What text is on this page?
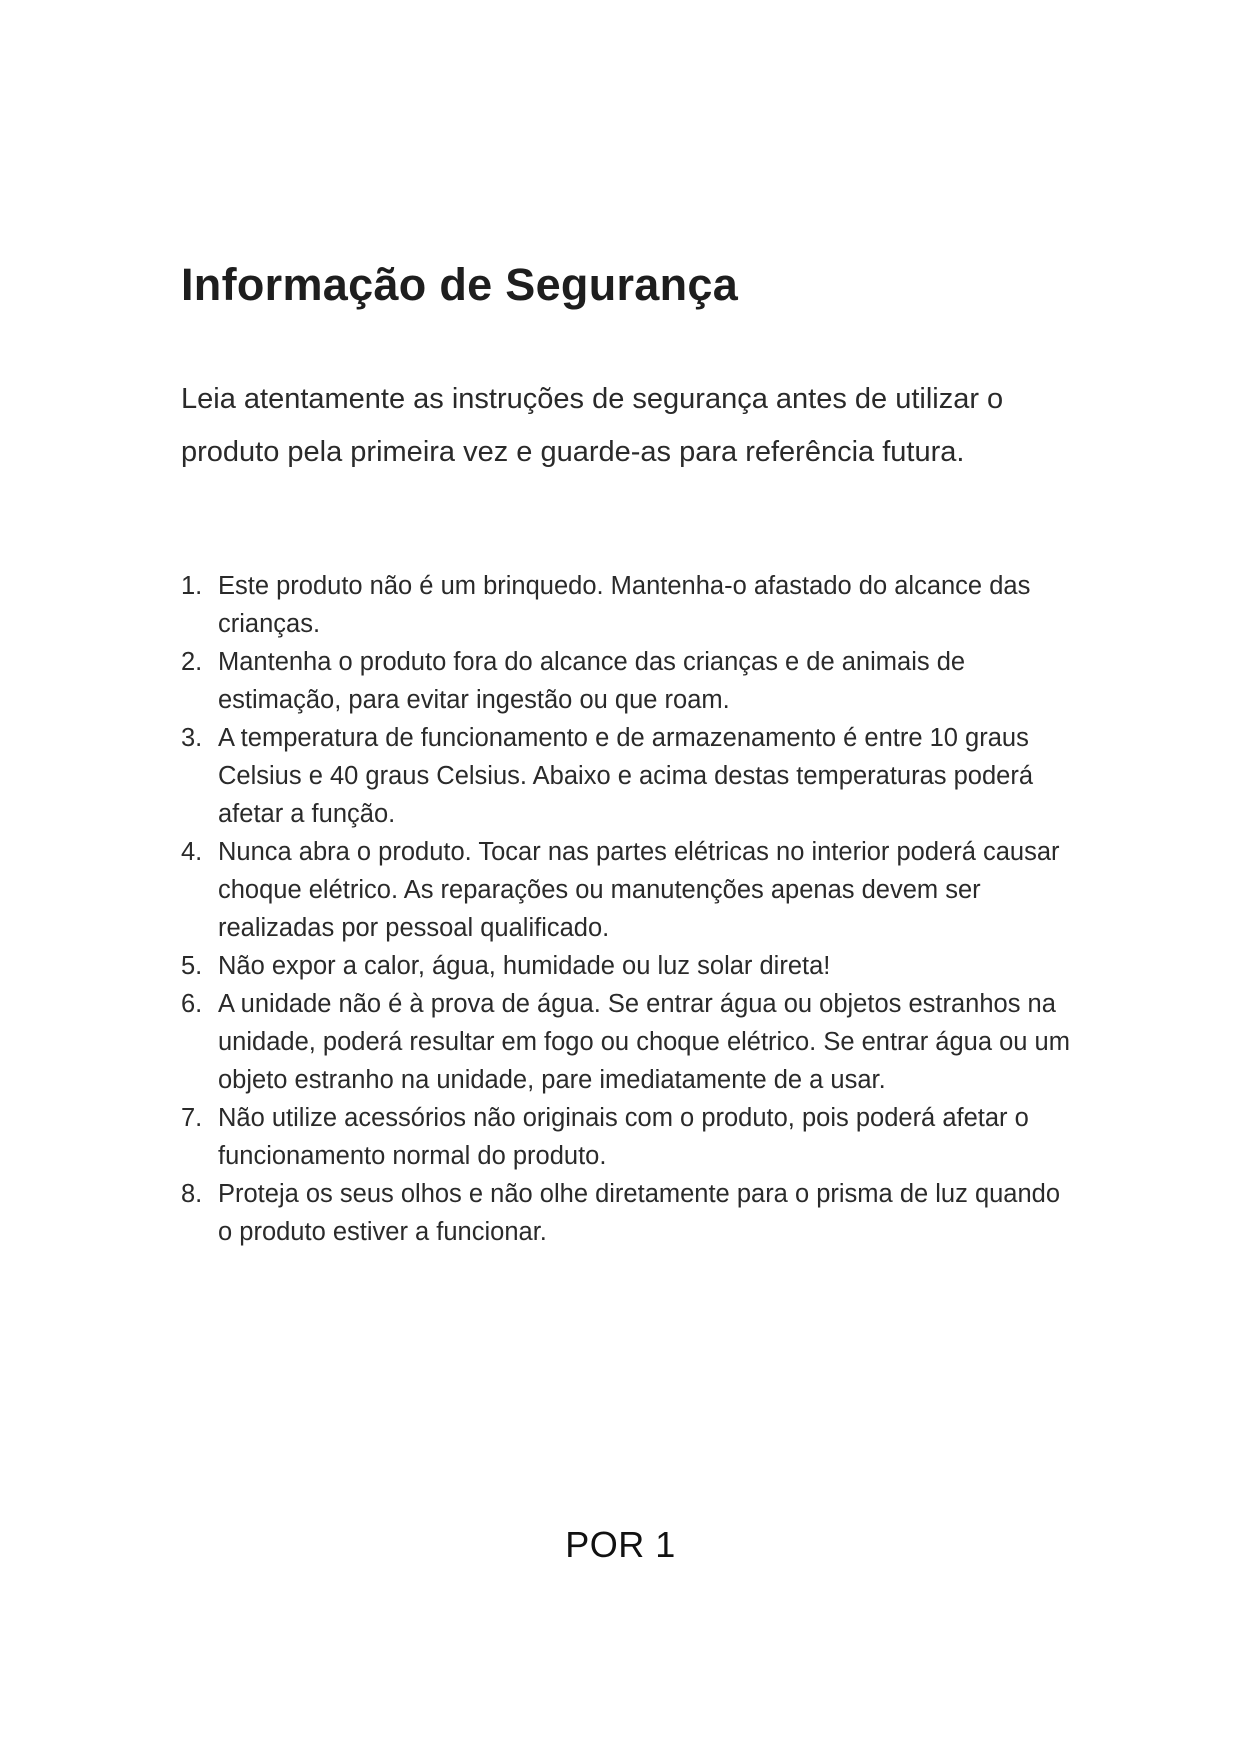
Informação de Segurança

Leia atentamente as instruções de segurança antes de utilizar o produto pela primeira vez e guarde-as para referência futura.

1. Este produto não é um brinquedo. Mantenha-o afastado do alcance das crianças.
2. Mantenha o produto fora do alcance das crianças e de animais de estimação, para evitar ingestão ou que roam.
3. A temperatura de funcionamento e de armazenamento é entre 10 graus Celsius e 40 graus Celsius. Abaixo e acima destas temperaturas poderá afetar a função.
4. Nunca abra o produto. Tocar nas partes elétricas no interior poderá causar choque elétrico. As reparações ou manutenções apenas devem ser realizadas por pessoal qualificado.
5. Não expor a calor, água, humidade ou luz solar direta!
6. A unidade não é à prova de água. Se entrar água ou objetos estranhos na unidade, poderá resultar em fogo ou choque elétrico. Se entrar água ou um objeto estranho na unidade, pare imediatamente de a usar.
7. Não utilize acessórios não originais com o produto, pois poderá afetar o funcionamento normal do produto.
8. Proteja os seus olhos e não olhe diretamente para o prisma de luz quando o produto estiver a funcionar.
POR 1
